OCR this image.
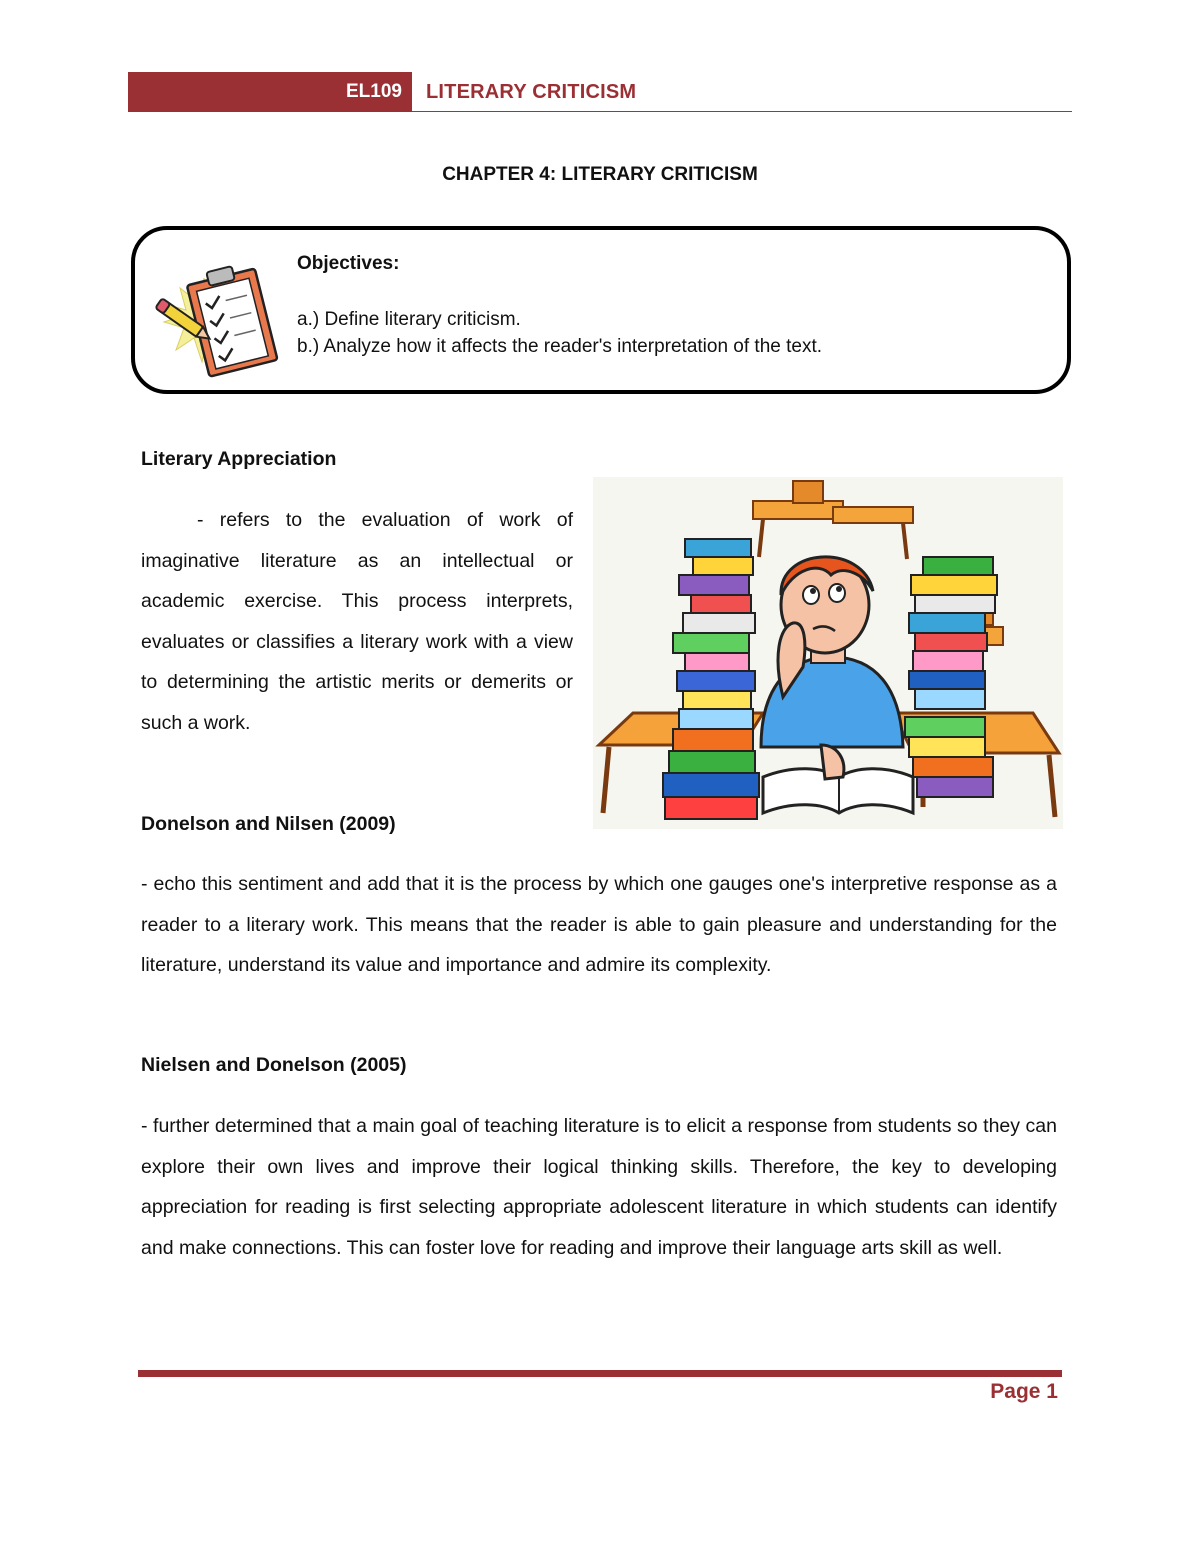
EL109	LITERARY CRITICISM
CHAPTER 4: LITERARY CRITICISM
Objectives:
a.) Define literary criticism.
b.) Analyze how it affects the reader's interpretation of the text.
Literary Appreciation

- refers to the evaluation of work of imaginative literature as an intellectual or academic exercise. This process interprets, evaluates or classifies a literary work with a view to determining the artistic merits or demerits or such a work.

Donelson and Nilsen (2009)

- echo this sentiment and add that it is the process by which one gauges one's interpretive response as a reader to a literary work. This means that the reader is able to gain pleasure and understanding for the literature, understand its value and importance and admire its complexity.

Nielsen and Donelson (2005)

- further determined that a main goal of teaching literature is to elicit a response from students so they can explore their own lives and improve their logical thinking skills. Therefore, the key to developing appreciation for reading is first selecting appropriate adolescent literature in which students can identify and make connections. This can foster love for reading and improve their language arts skill as well.

Page 1
